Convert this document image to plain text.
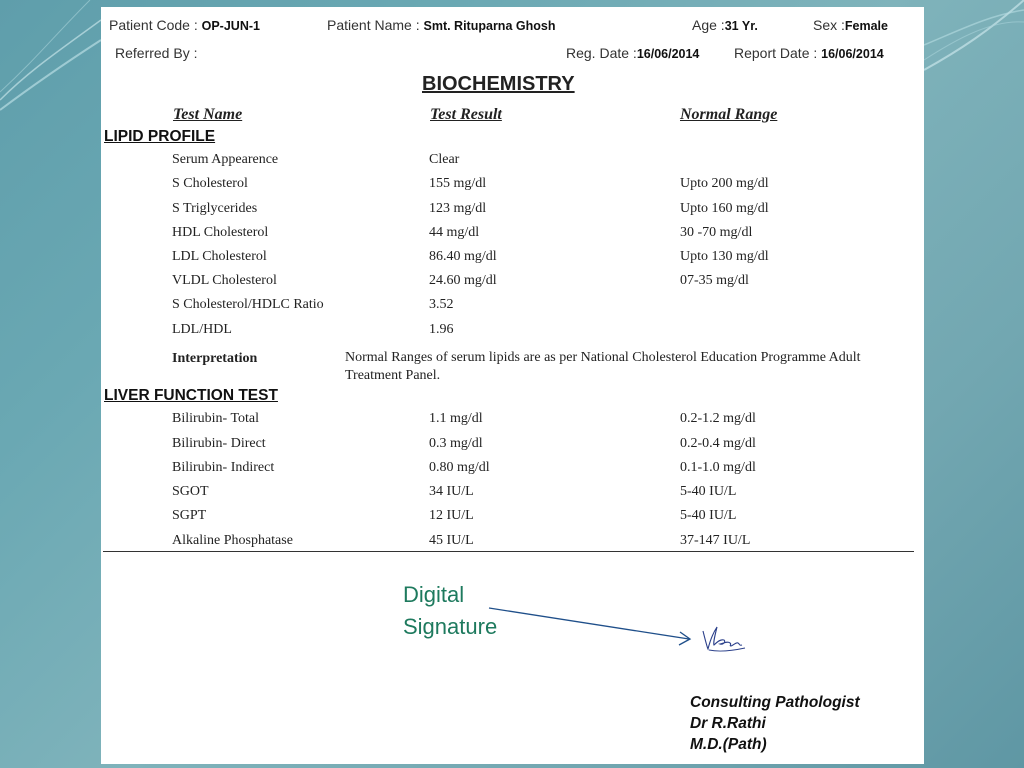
Patient Code : OP-JUN-1	Patient Name : Smt. Rituparna Ghosh	Age :31 Yr.	Sex :Female
Referred By :	Reg. Date :16/06/2014 Report Date : 16/06/2014
BIOCHEMISTRY
Test Name	Test Result	Normal Range
LIPID PROFILE
Serum Appearence	Clear
S Cholesterol	155 mg/dl	Upto 200 mg/dl
S Triglycerides	123 mg/dl	Upto 160 mg/dl
HDL Cholesterol	44 mg/dl	30 -70 mg/dl
LDL Cholesterol	86.40 mg/dl	Upto 130 mg/dl
VLDL Cholesterol	24.60 mg/dl	07-35 mg/dl
S Cholesterol/HDLC Ratio	3.52
LDL/HDL	1.96
Interpretation	Normal Ranges of serum lipids are as per National Cholesterol Education Programme Adult Treatment Panel.
LIVER FUNCTION TEST
Bilirubin- Total	1.1 mg/dl	0.2-1.2 mg/dl
Bilirubin- Direct	0.3 mg/dl	0.2-0.4 mg/dl
Bilirubin- Indirect	0.80 mg/dl	0.1-1.0 mg/dl
SGOT	34 IU/L	5-40 IU/L
SGPT	12 IU/L	5-40 IU/L
Alkaline Phosphatase	45 IU/L	37-147 IU/L
Digital
Signature
Consulting Pathologist
Dr R.Rathi
M.D.(Path)
